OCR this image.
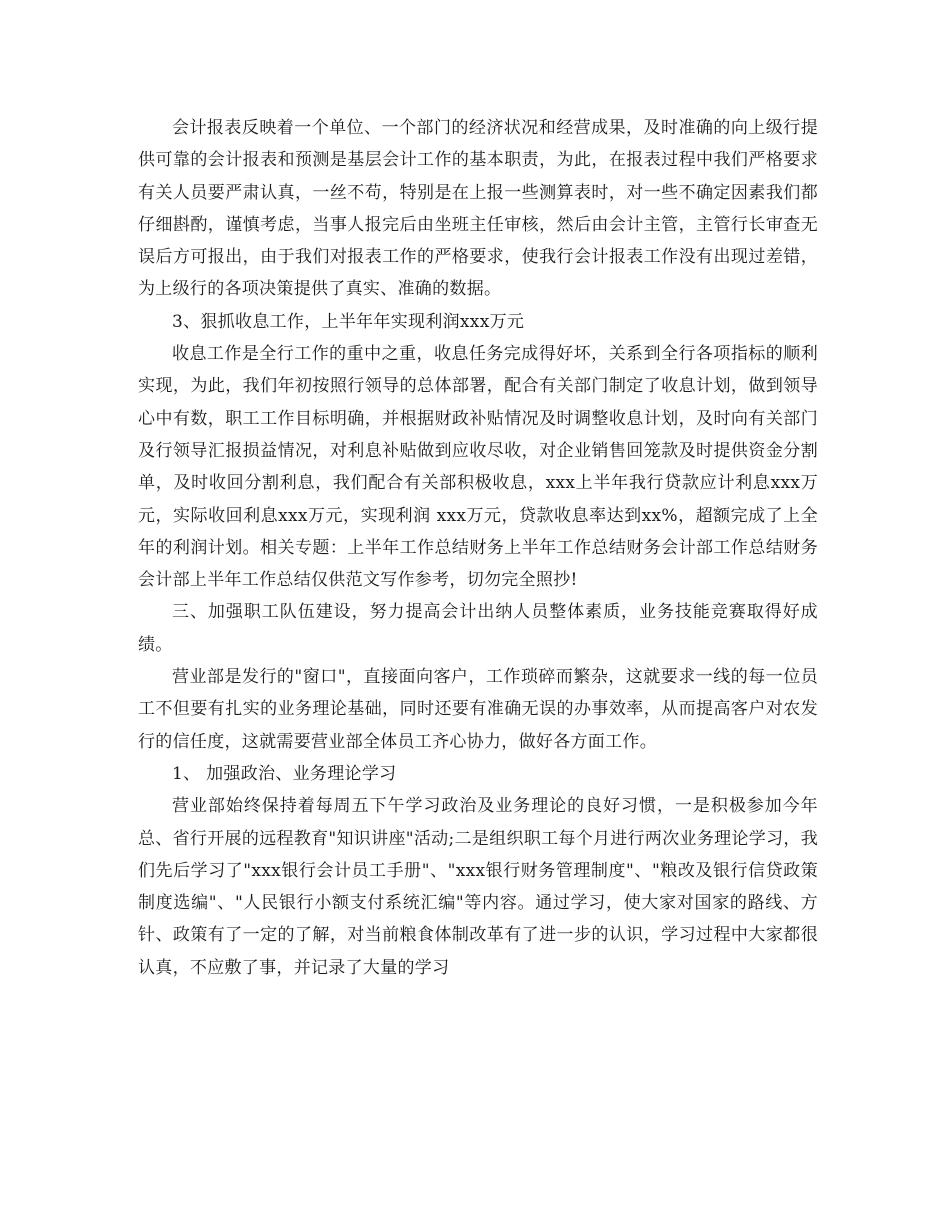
会计报表反映着一个单位、一个部门的经济状况和经营成果，及时准确的向上级行提供可靠的会计报表和预测是基层会计工作的基本职责，为此，在报表过程中我们严格要求有关人员要严肃认真，一丝不苟，特别是在上报一些测算表时，对一些不确定因素我们都仔细斟酌，谨慎考虑，当事人报完后由坐班主任审核，然后由会计主管，主管行长审查无误后方可报出，由于我们对报表工作的严格要求，使我行会计报表工作没有出现过差错，为上级行的各项决策提供了真实、准确的数据。

3、狠抓收息工作，上半年年实现利润xxx万元

收息工作是全行工作的重中之重，收息任务完成得好坏，关系到全行各项指标的顺利实现，为此，我们年初按照行领导的总体部署，配合有关部门制定了收息计划，做到领导心中有数，职工工作目标明确，并根据财政补贴情况及时调整收息计划，及时向有关部门及行领导汇报损益情况，对利息补贴做到应收尽收，对企业销售回笼款及时提供资金分割单，及时收回分割利息，我们配合有关部积极收息，xxx上半年我行贷款应计利息xxx万元，实际收回利息xxx万元，实现利润 xxx万元，贷款收息率达到xx%，超额完成了上全年的利润计划。相关专题：上半年工作总结财务上半年工作总结财务会计部工作总结财务会计部上半年工作总结仅供范文写作参考，切勿完全照抄!

三、加强职工队伍建设，努力提高会计出纳人员整体素质，业务技能竞赛取得好成绩。

营业部是发行的"窗口"，直接面向客户，工作琐碎而繁杂，这就要求一线的每一位员工不但要有扎实的业务理论基础，同时还要有准确无误的办事效率，从而提高客户对农发行的信任度，这就需要营业部全体员工齐心协力，做好各方面工作。

1、 加强政治、业务理论学习

营业部始终保持着每周五下午学习政治及业务理论的良好习惯，一是积极参加今年总、省行开展的远程教育"知识讲座"活动;二是组织职工每个月进行两次业务理论学习，我们先后学习了"xxx银行会计员工手册"、"xxx银行财务管理制度"、"粮改及银行信贷政策制度选编"、"人民银行小额支付系统汇编"等内容。通过学习，使大家对国家的路线、方针、政策有了一定的了解，对当前粮食体制改革有了进一步的认识，学习过程中大家都很认真，不应敷了事，并记录了大量的学习
